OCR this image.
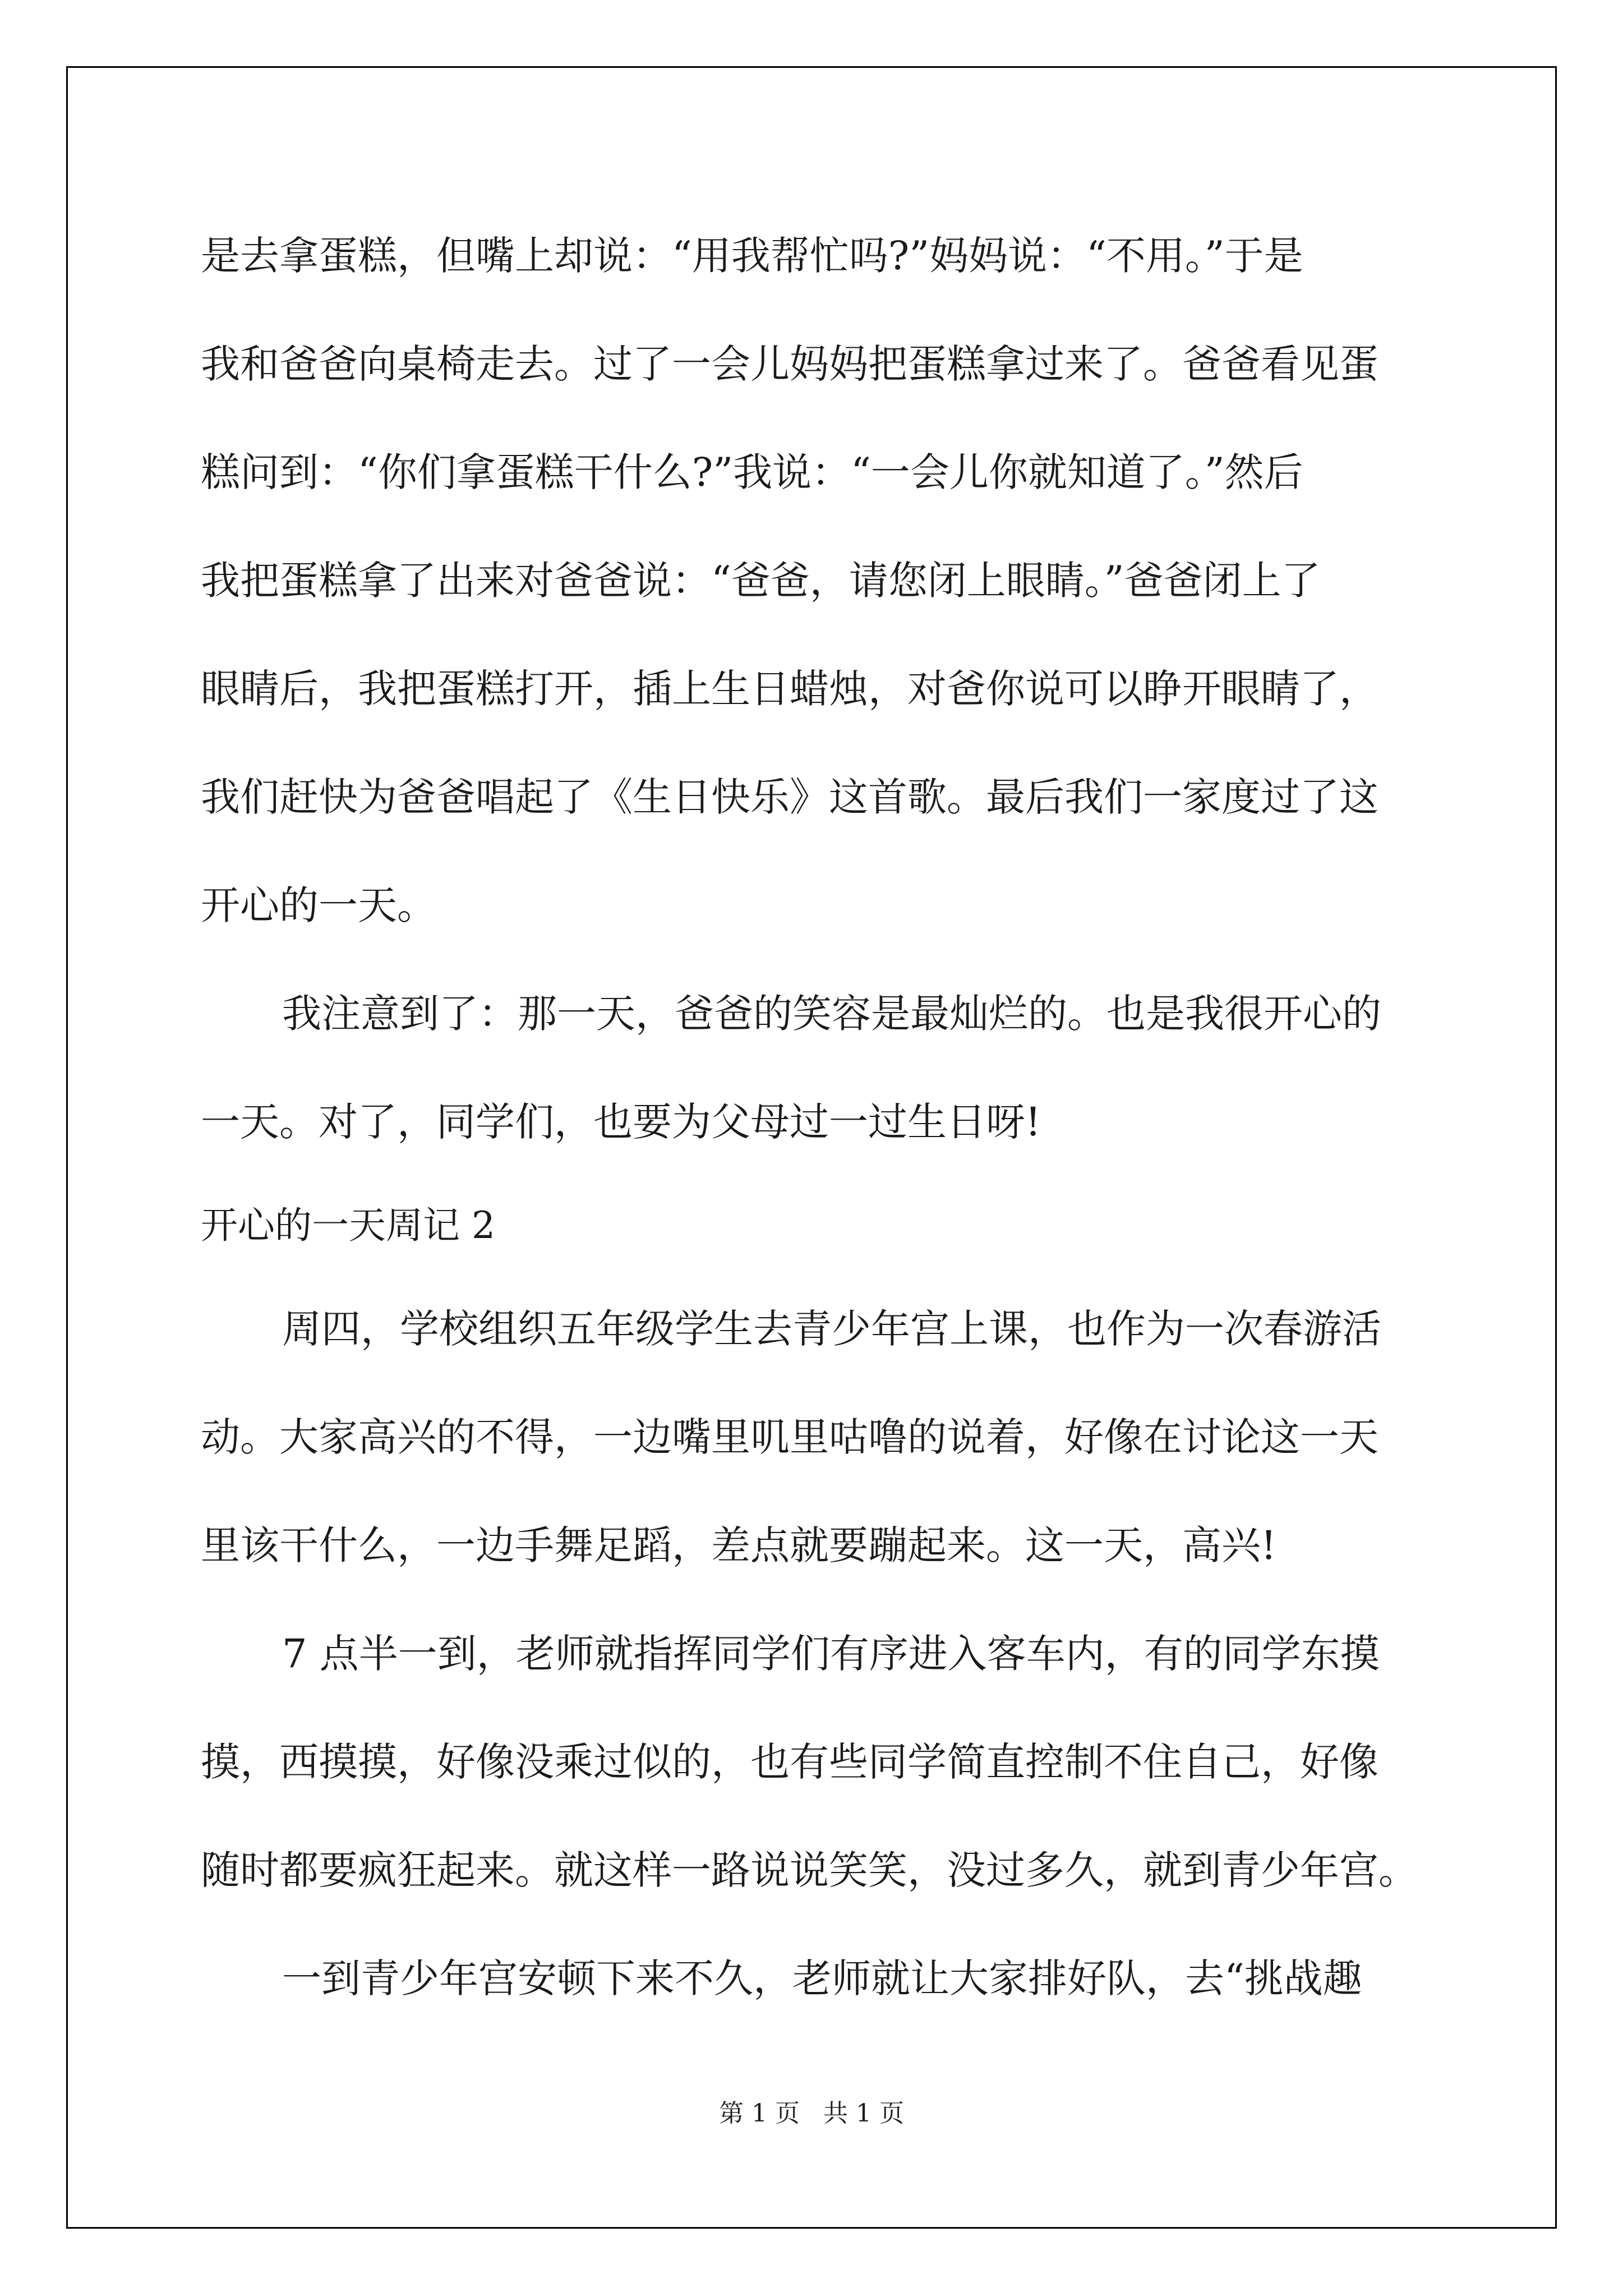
是去拿蛋糕，但嘴上却说：“用我帮忙吗?”妈妈说：“不用。”于是
我和爸爸向桌椅走去。过了一会儿妈妈把蛋糕拿过来了。爸爸看见蛋
糕问到：“你们拿蛋糕干什么?”我说：“一会儿你就知道了。”然后
我把蛋糕拿了出来对爸爸说：“爸爸，请您闭上眼睛。”爸爸闭上了
眼睛后，我把蛋糕打开，插上生日蜡烛，对爸你说可以睁开眼睛了，
我们赶快为爸爸唱起了《生日快乐》这首歌。最后我们一家度过了这
开心的一天。
我注意到了：那一天，爸爸的笑容是最灿烂的。也是我很开心的
一天。对了，同学们，也要为父母过一过生日呀!
开心的一天周记 2
周四，学校组织五年级学生去青少年宫上课，也作为一次春游活
动。大家高兴的不得，一边嘴里叽里咕噜的说着，好像在讨论这一天
里该干什么，一边手舞足蹈，差点就要蹦起来。这一天，高兴!
7 点半一到，老师就指挥同学们有序进入客车内，有的同学东摸
摸，西摸摸，好像没乘过似的，也有些同学简直控制不住自己，好像
随时都要疯狂起来。就这样一路说说笑笑，没过多久，就到青少年宫。
一到青少年宫安顿下来不久，老师就让大家排好队，去“挑战趣
第 1 页 共 1 页
